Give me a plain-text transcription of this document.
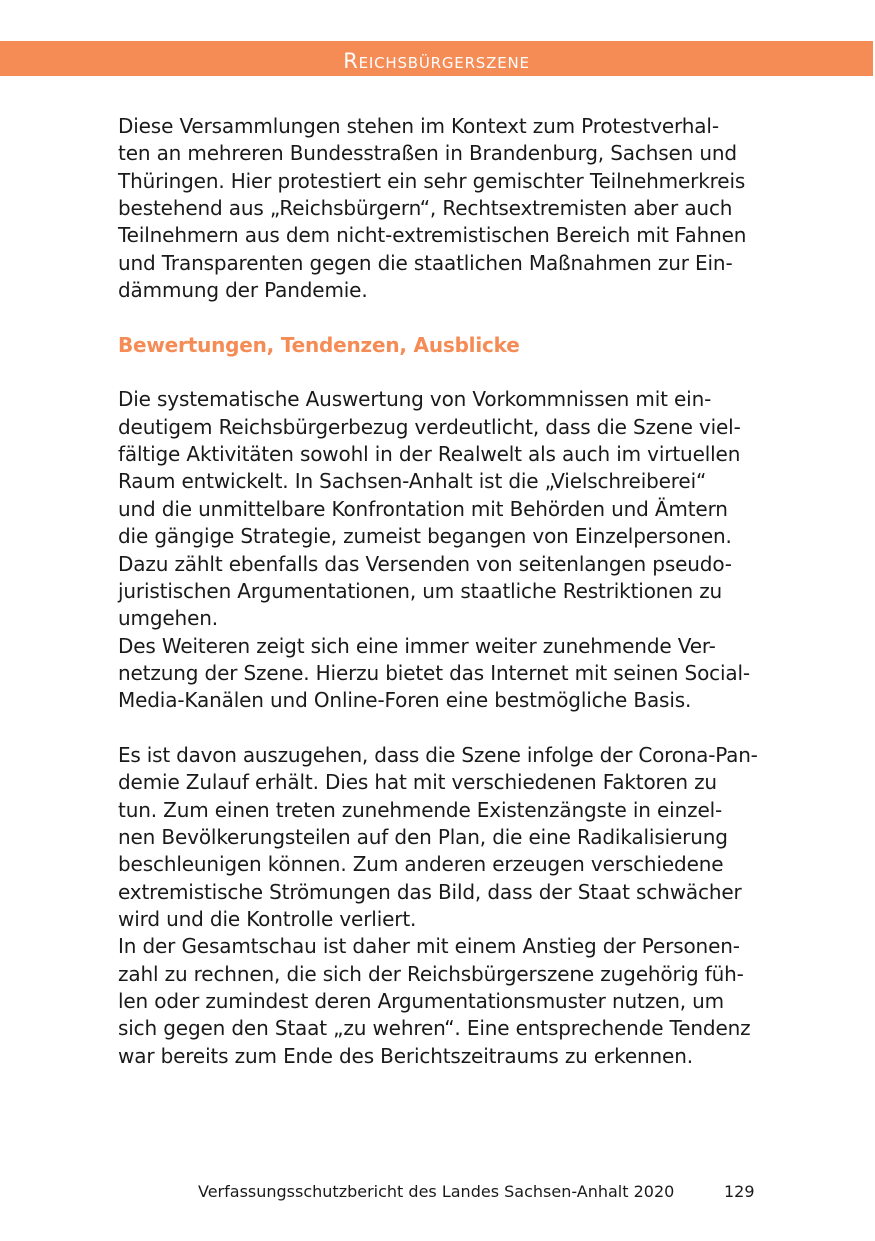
Reichsbürgerszene
Diese Versammlungen stehen im Kontext zum Protestverhal-
ten an mehreren Bundesstraßen in Brandenburg, Sachsen und
Thüringen. Hier protestiert ein sehr gemischter Teilnehmerkreis
bestehend aus „Reichsbürgern“, Rechtsextremisten aber auch
Teilnehmern aus dem nicht-extremistischen Bereich mit Fahnen
und Transparenten gegen die staatlichen Maßnahmen zur Ein-
dämmung der Pandemie.
Bewertungen, Tendenzen, Ausblicke
Die systematische Auswertung von Vorkommnissen mit ein-
deutigem Reichsbürgerbezug verdeutlicht, dass die Szene viel-
fältige Aktivitäten sowohl in der Realwelt als auch im virtuellen
Raum entwickelt. In Sachsen-Anhalt ist die „Vielschreiberei“
und die unmittelbare Konfrontation mit Behörden und Ämtern
die gängige Strategie, zumeist begangen von Einzelpersonen.
Dazu zählt ebenfalls das Versenden von seitenlangen pseudo-
juristischen Argumentationen, um staatliche Restriktionen zu
umgehen.
Des Weiteren zeigt sich eine immer weiter zunehmende Ver-
netzung der Szene. Hierzu bietet das Internet mit seinen Social-
Media-Kanälen und Online-Foren eine bestmögliche Basis.
Es ist davon auszugehen, dass die Szene infolge der Corona-Pan-
demie Zulauf erhält. Dies hat mit verschiedenen Faktoren zu
tun. Zum einen treten zunehmende Existenzängste in einzel-
nen Bevölkerungsteilen auf den Plan, die eine Radikalisierung
beschleunigen können. Zum anderen erzeugen verschiedene
extremistische Strömungen das Bild, dass der Staat schwächer
wird und die Kontrolle verliert.
In der Gesamtschau ist daher mit einem Anstieg der Personen-
zahl zu rechnen, die sich der Reichsbürgerszene zugehörig füh-
len oder zumindest deren Argumentationsmuster nutzen, um
sich gegen den Staat „zu wehren“. Eine entsprechende Tendenz
war bereits zum Ende des Berichtszeitraums zu erkennen.
Verfassungsschutzbericht des Landes Sachsen-Anhalt 2020	129
